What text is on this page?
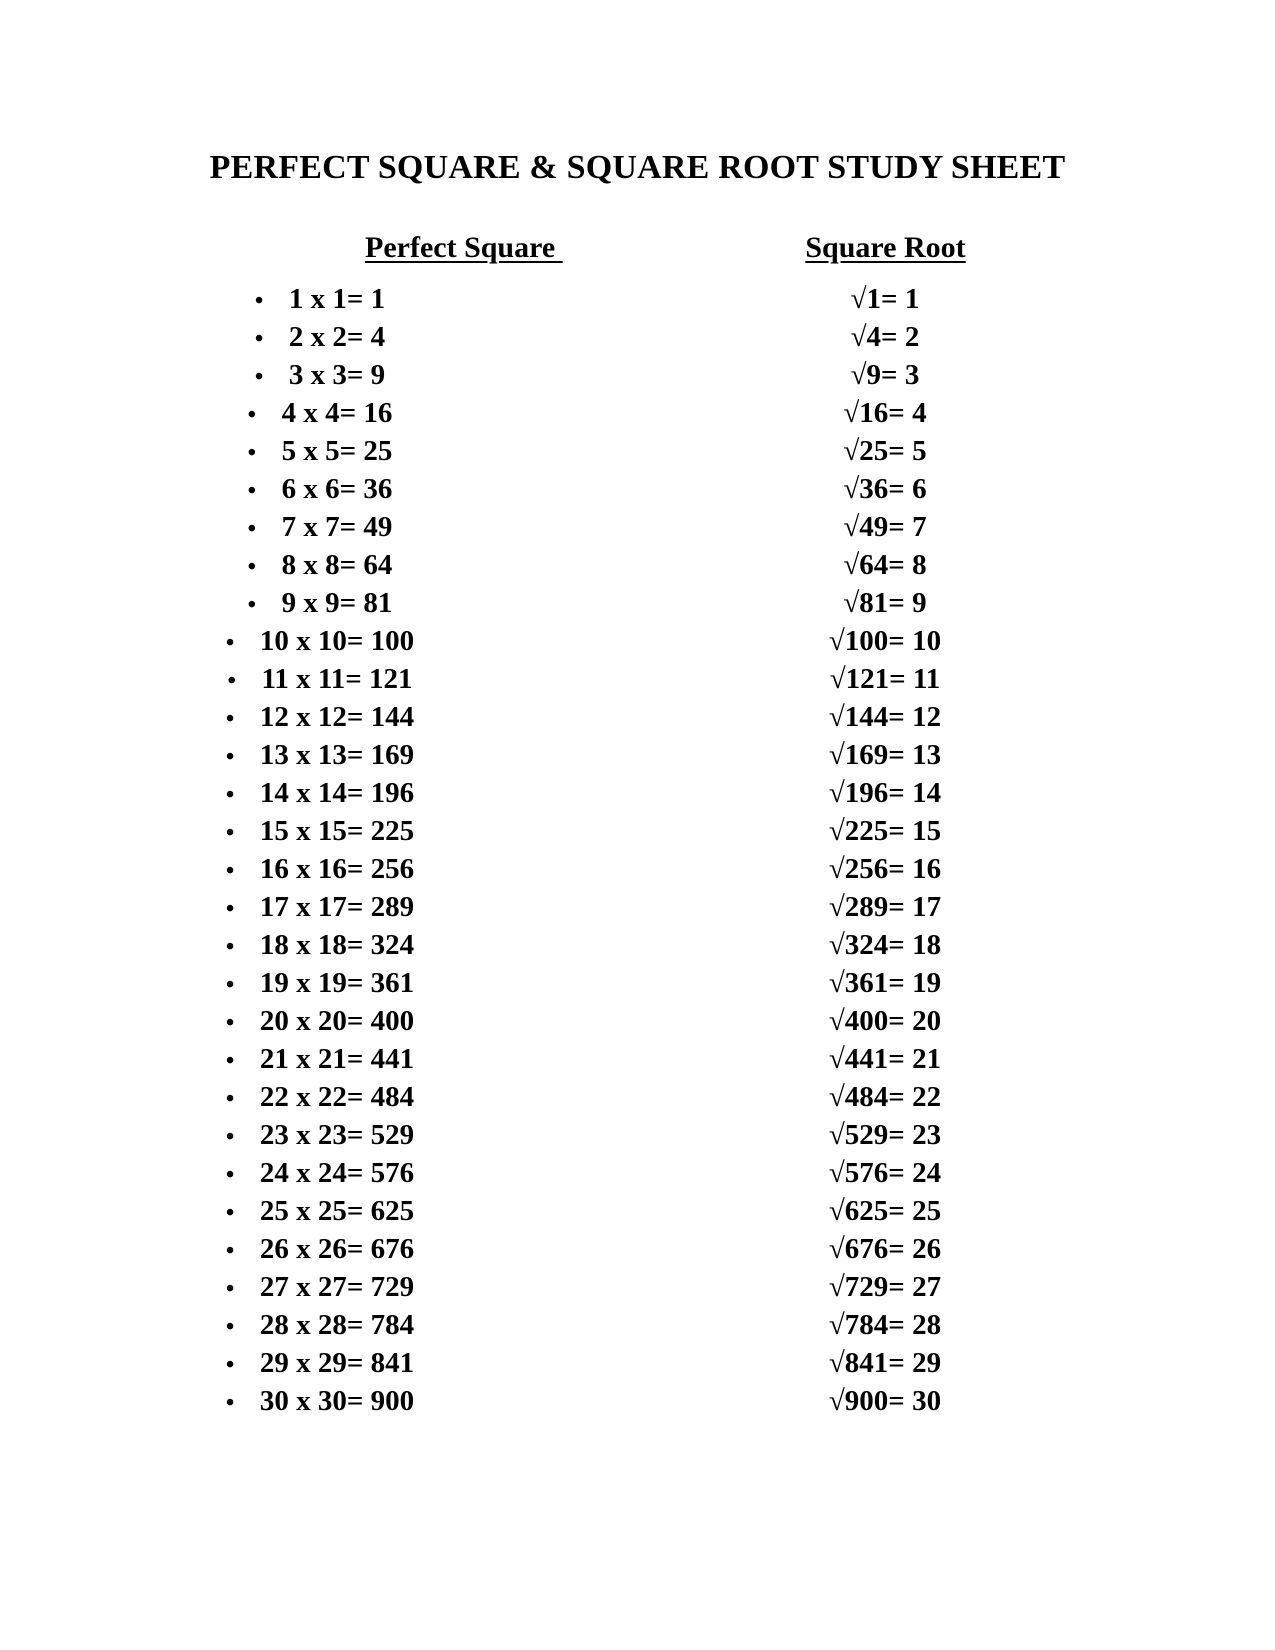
PERFECT SQUARE & SQUARE ROOT STUDY SHEET
Perfect Square	Square Root
• 1 x 1= 1
• 2 x 2= 4
• 3 x 3= 9
• 4 x 4= 16
• 5 x 5= 25
• 6 x 6= 36
• 7 x 7= 49
• 8 x 8= 64
• 9 x 9= 81
• 10 x 10= 100
• 11 x 11= 121
• 12 x 12= 144
• 13 x 13= 169
• 14 x 14= 196
• 15 x 15= 225
• 16 x 16= 256
• 17 x 17= 289
• 18 x 18= 324
• 19 x 19= 361
• 20 x 20= 400
• 21 x 21= 441
• 22 x 22= 484
• 23 x 23= 529
• 24 x 24= 576
• 25 x 25= 625
• 26 x 26= 676
• 27 x 27= 729
• 28 x 28= 784
• 29 x 29= 841
• 30 x 30= 900
√1= 1
√4= 2
√9= 3
√16= 4
√25= 5
√36= 6
√49= 7
√64= 8
√81= 9
√100= 10
√121= 11
√144= 12
√169= 13
√196= 14
√225= 15
√256= 16
√289= 17
√324= 18
√361= 19
√400= 20
√441= 21
√484= 22
√529= 23
√576= 24
√625= 25
√676= 26
√729= 27
√784= 28
√841= 29
√900= 30
